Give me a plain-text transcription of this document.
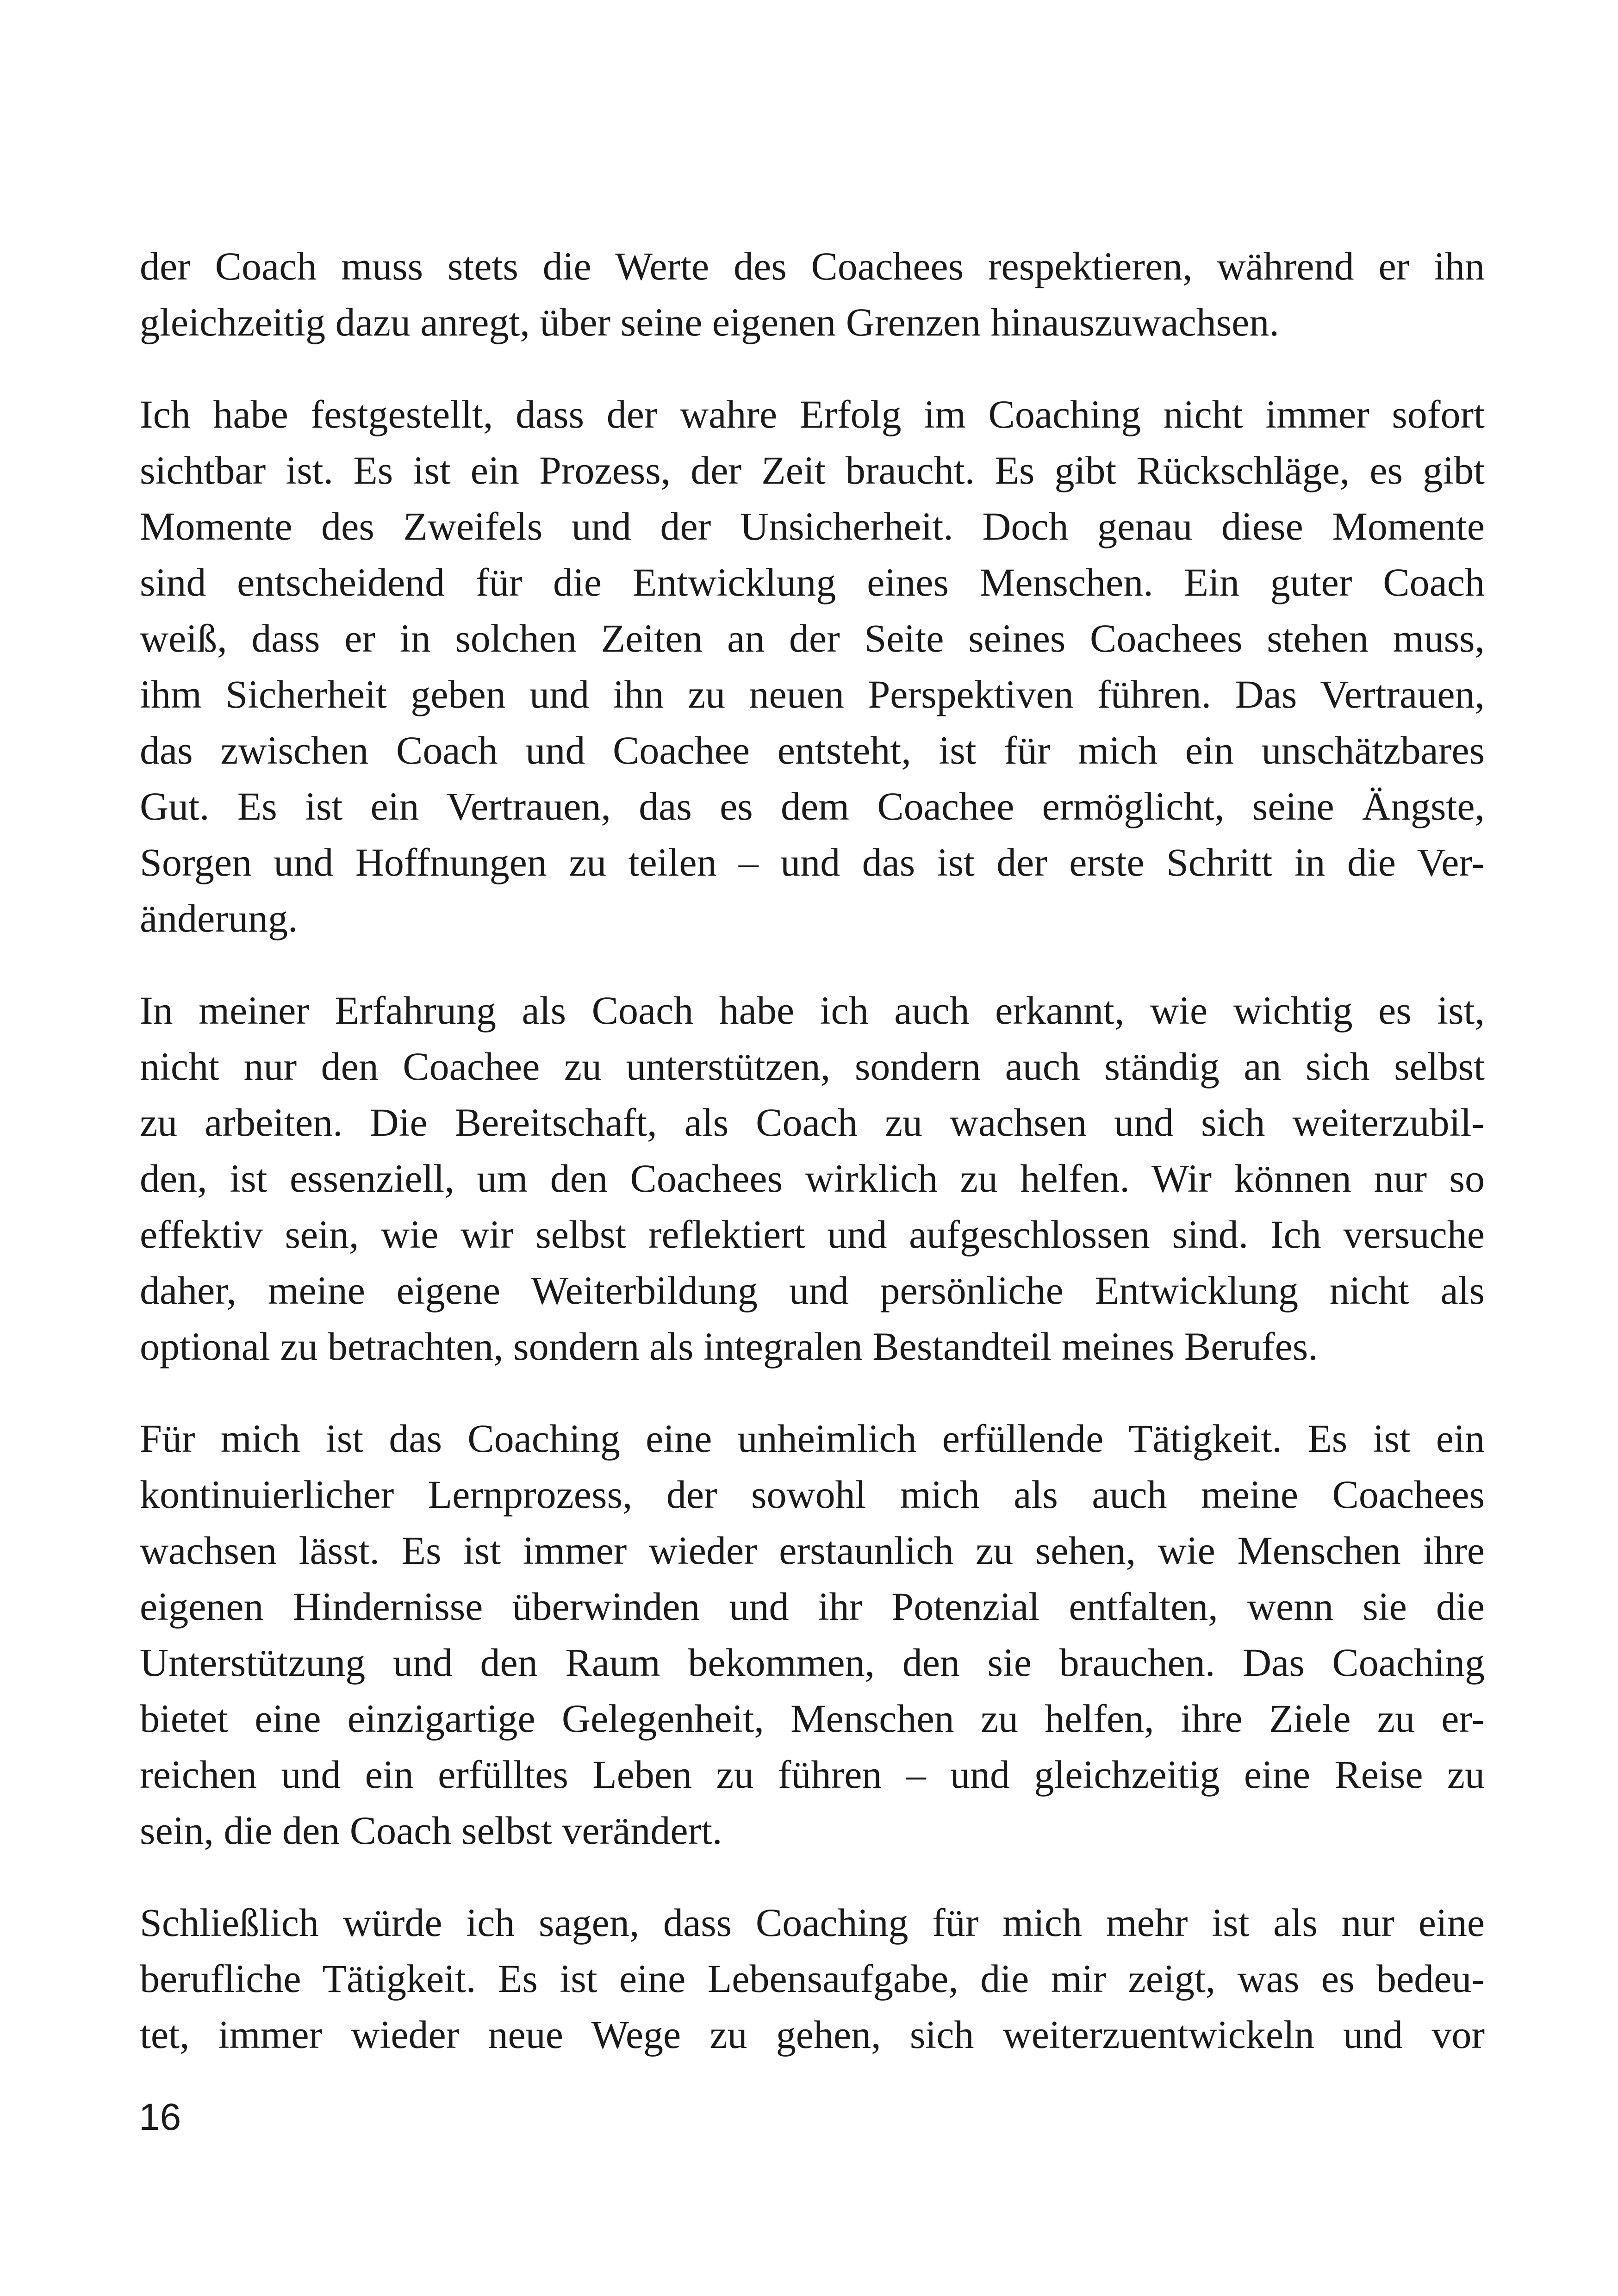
der Coach muss stets die Werte des Coachees respektieren, während er ihn
gleichzeitig dazu anregt, über seine eigenen Grenzen hinauszuwachsen.

Ich habe festgestellt, dass der wahre Erfolg im Coaching nicht immer sofort
sichtbar ist. Es ist ein Prozess, der Zeit braucht. Es gibt Rückschläge, es gibt
Momente des Zweifels und der Unsicherheit. Doch genau diese Momente
sind entscheidend für die Entwicklung eines Menschen. Ein guter Coach
weiß, dass er in solchen Zeiten an der Seite seines Coachees stehen muss,
ihm Sicherheit geben und ihn zu neuen Perspektiven führen. Das Vertrauen,
das zwischen Coach und Coachee entsteht, ist für mich ein unschätzbares
Gut. Es ist ein Vertrauen, das es dem Coachee ermöglicht, seine Ängste,
Sorgen und Hoffnungen zu teilen – und das ist der erste Schritt in die Ver-
änderung.

In meiner Erfahrung als Coach habe ich auch erkannt, wie wichtig es ist,
nicht nur den Coachee zu unterstützen, sondern auch ständig an sich selbst
zu arbeiten. Die Bereitschaft, als Coach zu wachsen und sich weiterzubil-
den, ist essenziell, um den Coachees wirklich zu helfen. Wir können nur so
effektiv sein, wie wir selbst reflektiert und aufgeschlossen sind. Ich versuche
daher, meine eigene Weiterbildung und persönliche Entwicklung nicht als
optional zu betrachten, sondern als integralen Bestandteil meines Berufes.

Für mich ist das Coaching eine unheimlich erfüllende Tätigkeit. Es ist ein
kontinuierlicher Lernprozess, der sowohl mich als auch meine Coachees
wachsen lässt. Es ist immer wieder erstaunlich zu sehen, wie Menschen ihre
eigenen Hindernisse überwinden und ihr Potenzial entfalten, wenn sie die
Unterstützung und den Raum bekommen, den sie brauchen. Das Coaching
bietet eine einzigartige Gelegenheit, Menschen zu helfen, ihre Ziele zu er-
reichen und ein erfülltes Leben zu führen – und gleichzeitig eine Reise zu
sein, die den Coach selbst verändert.

Schließlich würde ich sagen, dass Coaching für mich mehr ist als nur eine
berufliche Tätigkeit. Es ist eine Lebensaufgabe, die mir zeigt, was es bedeu-
tet, immer wieder neue Wege zu gehen, sich weiterzuentwickeln und vor

16
